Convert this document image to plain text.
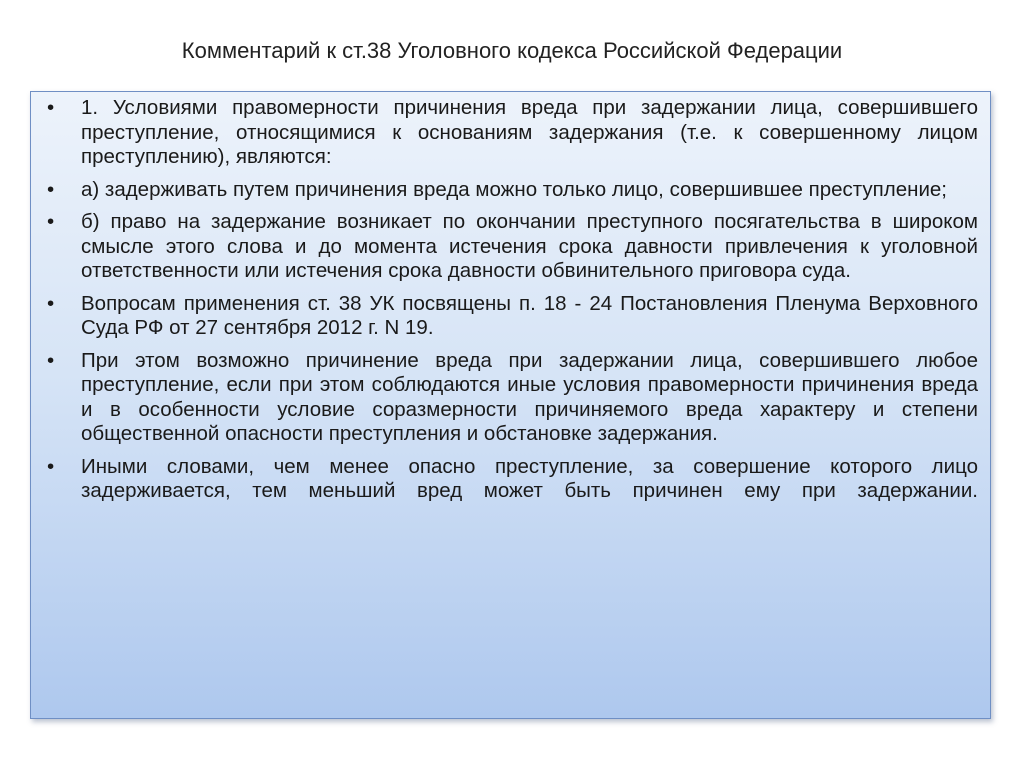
Комментарий к ст.38 Уголовного кодекса Российской Федерации
•	1. Условиями правомерности причинения вреда при задержании лица, совершившего преступление, относящимися к основаниям задержания (т.е. к совершенному лицом преступлению), являются:
•	а) задерживать путем причинения вреда можно только лицо, совершившее преступление;
•	б) право на задержание возникает по окончании преступного посягательства в широком смысле этого слова и до момента истечения срока давности привлечения к уголовной ответственности или истечения срока давности обвинительного приговора суда.
•	Вопросам применения ст. 38 УК посвящены п. 18 - 24 Постановления Пленума Верховного Суда РФ от 27 сентября 2012 г. N 19.
•	При этом возможно причинение вреда при задержании лица, совершившего любое преступление, если при этом соблюдаются иные условия правомерности причинения вреда и в особенности условие соразмерности причиняемого вреда характеру и степени общественной опасности преступления и обстановке задержания.
•	Иными словами, чем менее опасно преступление, за совершение которого лицо задерживается, тем меньший вред может быть причинен ему при задержании.
